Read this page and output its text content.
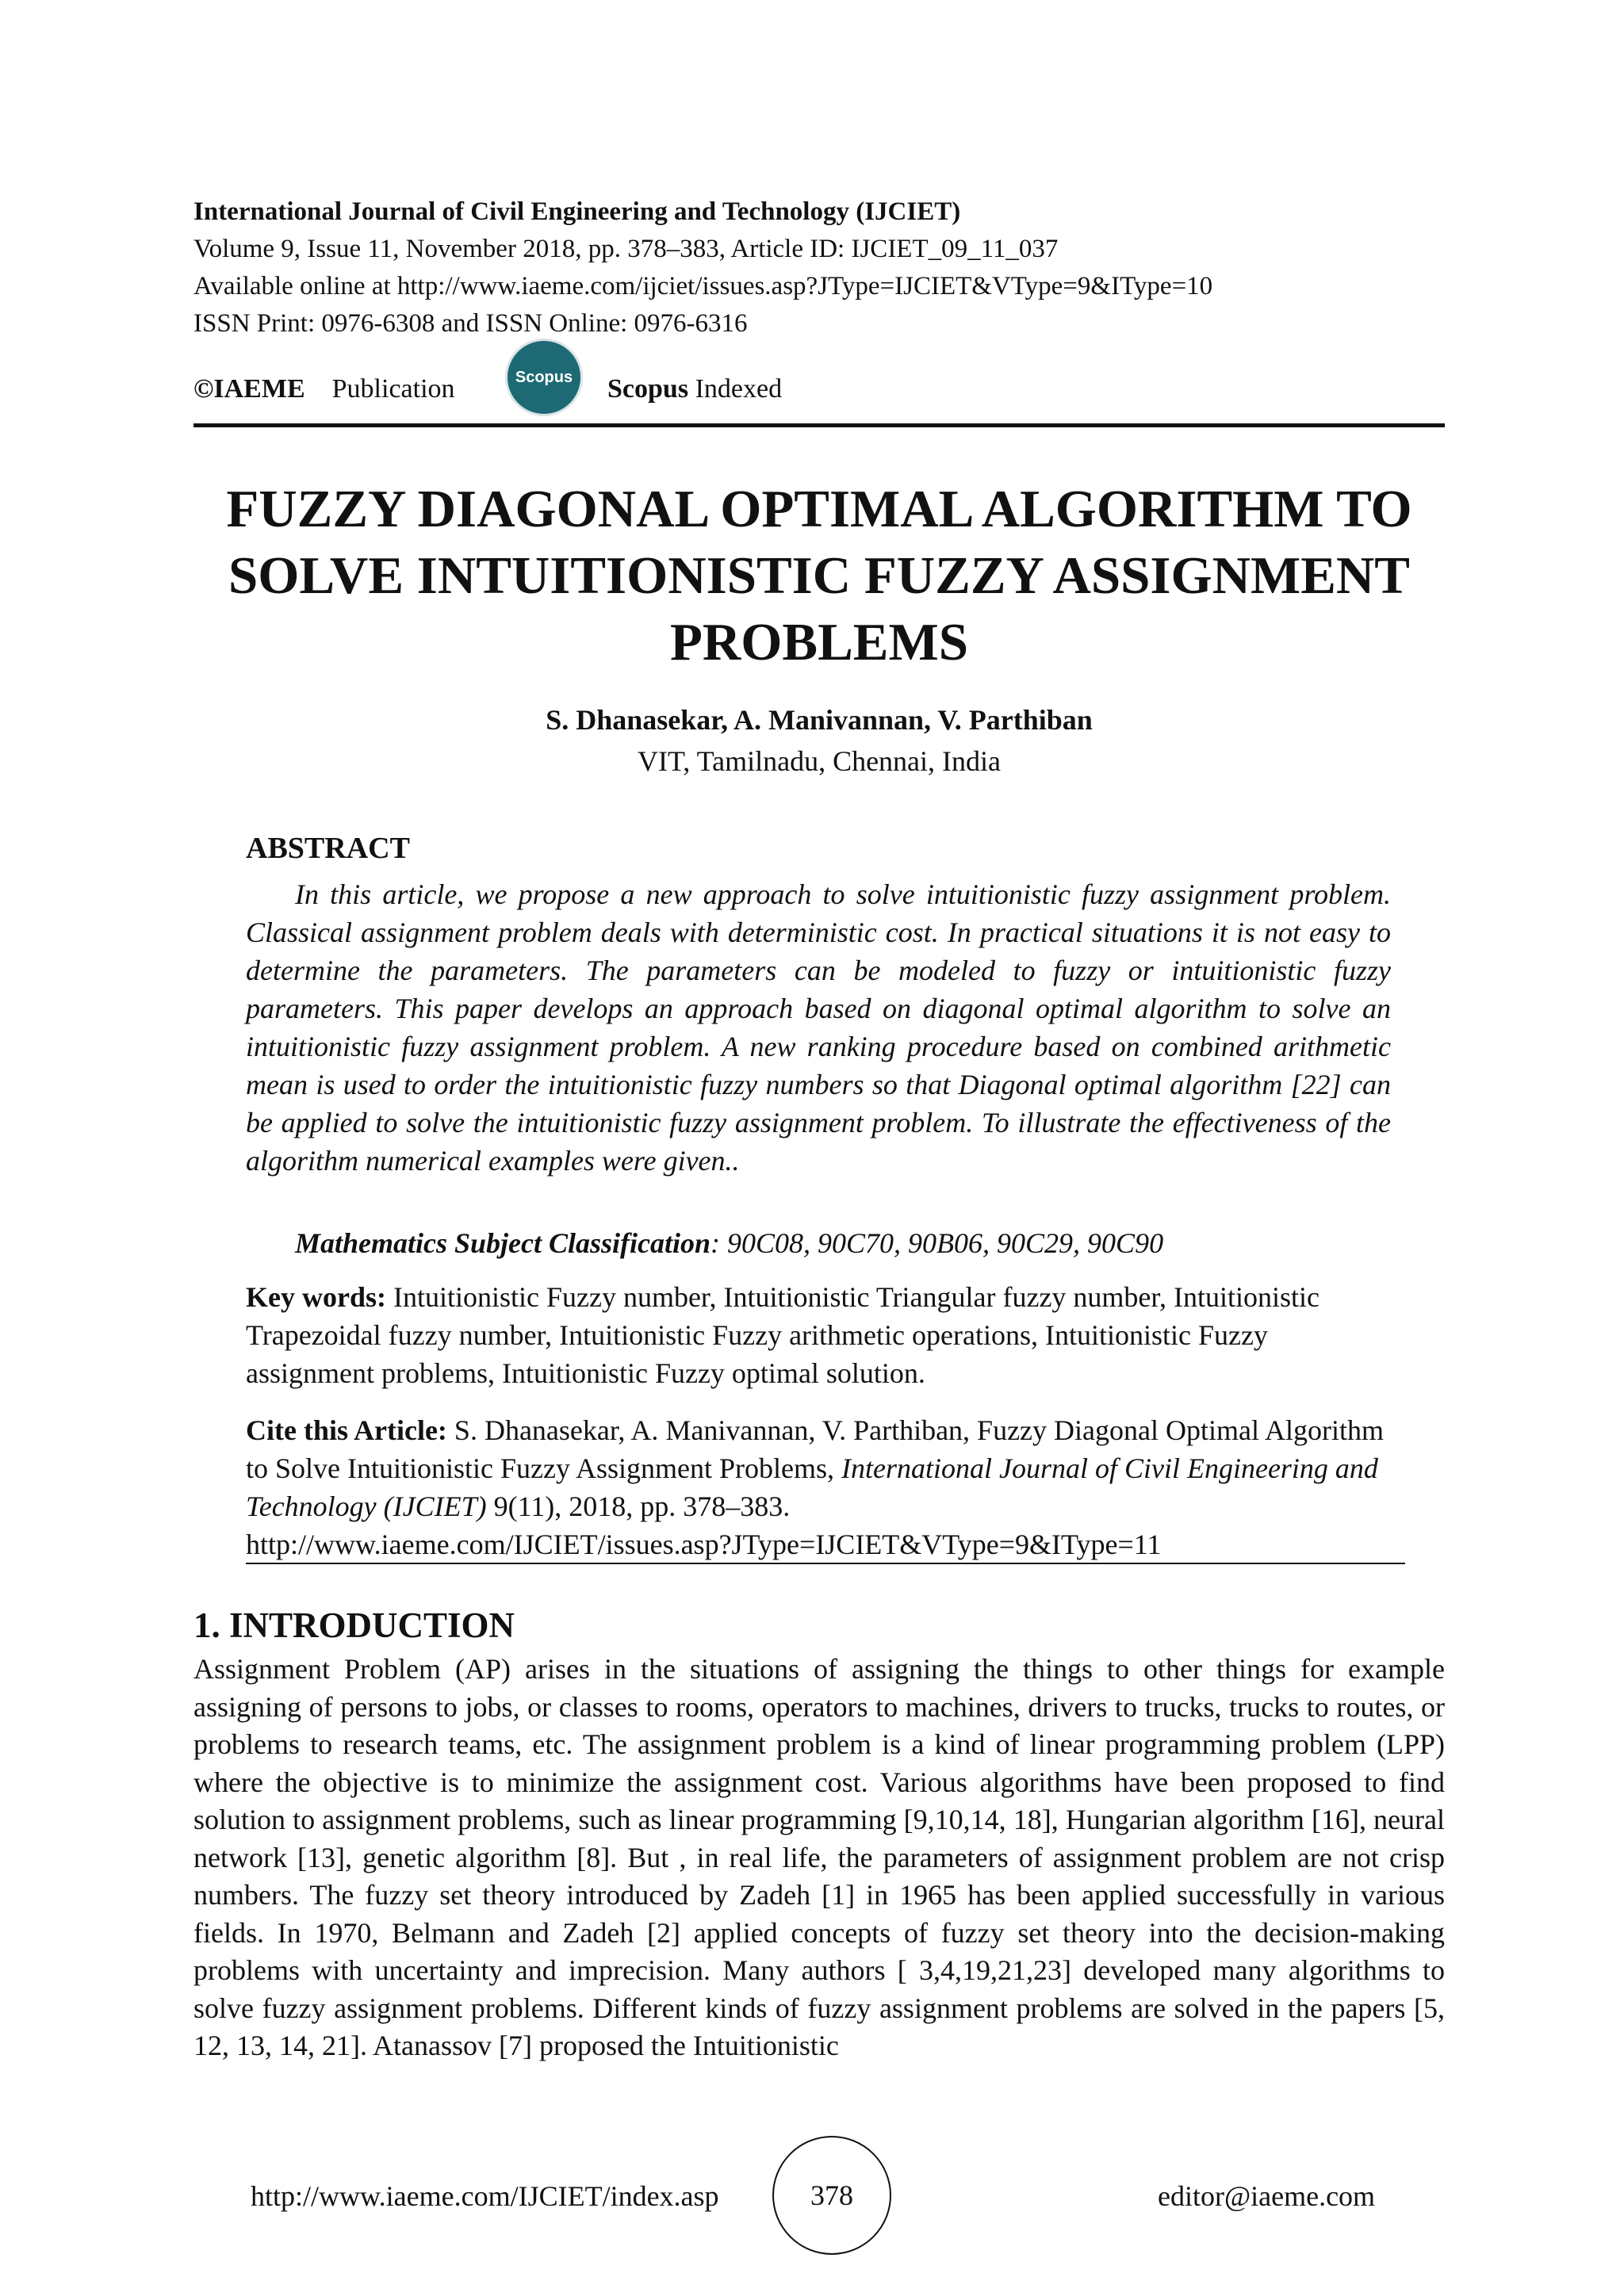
International Journal of Civil Engineering and Technology (IJCIET)
Volume 9, Issue 11, November 2018, pp. 378–383, Article ID: IJCIET_09_11_037
Available online at http://www.iaeme.com/ijciet/issues.asp?JType=IJCIET&VType=9&IType=10
ISSN Print: 0976-6308 and ISSN Online: 0976-6316
©IAEME Publication	Scopus Scopus Indexed
FUZZY DIAGONAL OPTIMAL ALGORITHM TO
SOLVE INTUITIONISTIC FUZZY ASSIGNMENT
PROBLEMS
S. Dhanasekar, A. Manivannan, V. Parthiban
VIT, Tamilnadu, Chennai, India
ABSTRACT

In this article, we propose a new approach to solve intuitionistic fuzzy assignment problem. Classical assignment problem deals with deterministic cost. In practical situations it is not easy to determine the parameters. The parameters can be modeled to fuzzy or intuitionistic fuzzy parameters. This paper develops an approach based on diagonal optimal algorithm to solve an intuitionistic fuzzy assignment problem. A new ranking procedure based on combined arithmetic mean is used to order the intuitionistic fuzzy numbers so that Diagonal optimal algorithm [22] can be applied to solve the intuitionistic fuzzy assignment problem. To illustrate the effectiveness of the algorithm numerical examples were given..

Mathematics Subject Classification: 90C08, 90C70, 90B06, 90C29, 90C90

Key words: Intuitionistic Fuzzy number, Intuitionistic Triangular fuzzy number, Intuitionistic Trapezoidal fuzzy number, Intuitionistic Fuzzy arithmetic operations, Intuitionistic Fuzzy assignment problems, Intuitionistic Fuzzy optimal solution.

Cite this Article: S. Dhanasekar, A. Manivannan, V. Parthiban, Fuzzy Diagonal Optimal Algorithm to Solve Intuitionistic Fuzzy Assignment Problems, International Journal of Civil Engineering and Technology (IJCIET) 9(11), 2018, pp. 378–383.
http://www.iaeme.com/IJCIET/issues.asp?JType=IJCIET&VType=9&IType=11

1. INTRODUCTION

Assignment Problem (AP) arises in the situations of assigning the things to other things for example assigning of persons to jobs, or classes to rooms, operators to machines, drivers to trucks, trucks to routes, or problems to research teams, etc. The assignment problem is a kind of linear programming problem (LPP) where the objective is to minimize the assignment cost. Various algorithms have been proposed to find solution to assignment problems, such as linear programming [9,10,14, 18], Hungarian algorithm [16], neural network [13], genetic algorithm [8]. But , in real life, the parameters of assignment problem are not crisp numbers. The fuzzy set theory introduced by Zadeh [1] in 1965 has been applied successfully in various fields. In 1970, Belmann and Zadeh [2] applied concepts of fuzzy set theory into the decision-making problems with uncertainty and imprecision. Many authors [ 3,4,19,21,23] developed many algorithms to solve fuzzy assignment problems. Different kinds of fuzzy assignment problems are solved in the papers [5, 12, 13, 14, 21]. Atanassov [7] proposed the Intuitionistic

http://www.iaeme.com/IJCIET/index.asp	378	editor@iaeme.com
